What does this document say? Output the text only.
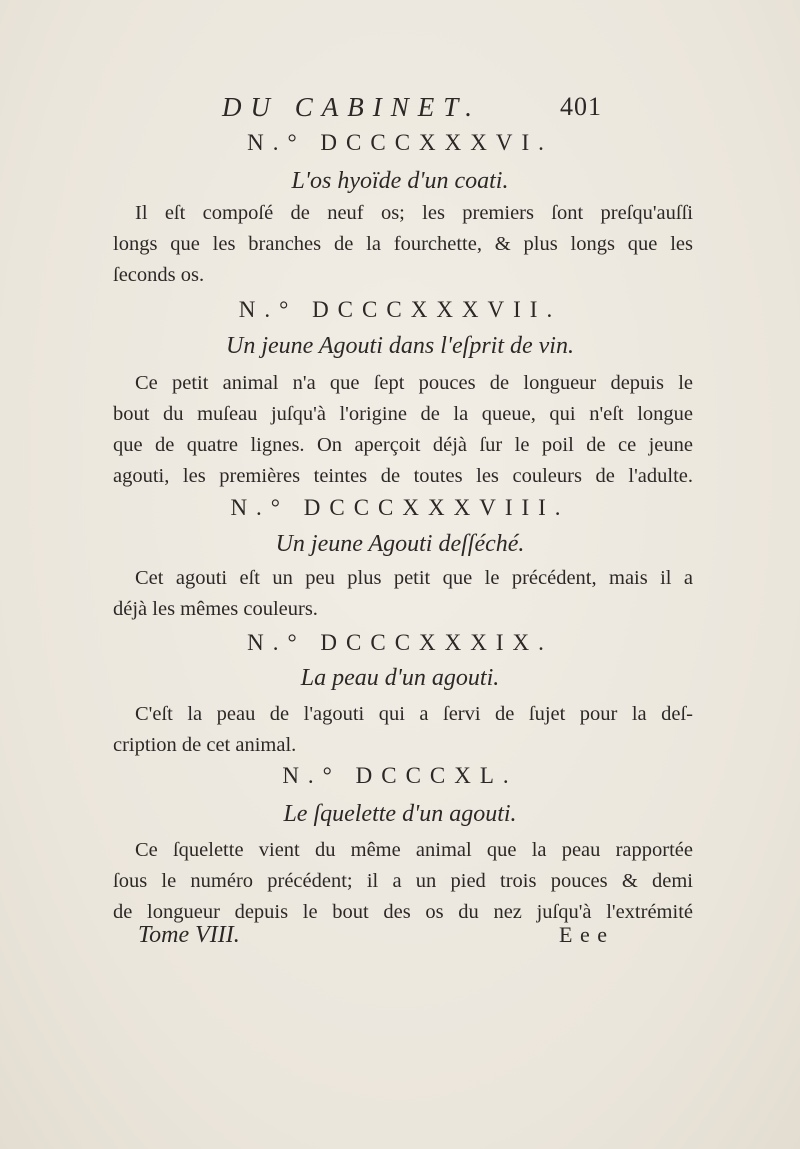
DU CABINET.	401
N.° DCCCXXXVI.
L'os hyoïde d'un coati.
Il eſt compoſé de neuf os; les premiers ſont preſqu'auſſi
longs que les branches de la fourchette, & plus longs que les
ſeconds os.
N.° DCCCXXXVII.
Un jeune Agouti dans l'eſprit de vin.
Ce petit animal n'a que ſept pouces de longueur depuis le
bout du muſeau juſqu'à l'origine de la queue, qui n'eſt longue
que de quatre lignes. On aperçoit déjà ſur le poil de ce jeune
agouti, les premières teintes de toutes les couleurs de l'adulte.
N.° DCCCXXXVIII.
Un jeune Agouti deſſéché.
Cet agouti eſt un peu plus petit que le précédent, mais il a
déjà les mêmes couleurs.
N.° DCCCXXXIX.
La peau d'un agouti.
C'eſt la peau de l'agouti qui a ſervi de ſujet pour la deſ-
cription de cet animal.
N.° DCCCXL.
Le ſquelette d'un agouti.
Ce ſquelette vient du même animal que la peau rapportée
ſous le numéro précédent; il a un pied trois pouces & demi
de longueur depuis le bout des os du nez juſqu'à l'extrémité
Tome VIII.	E e e
